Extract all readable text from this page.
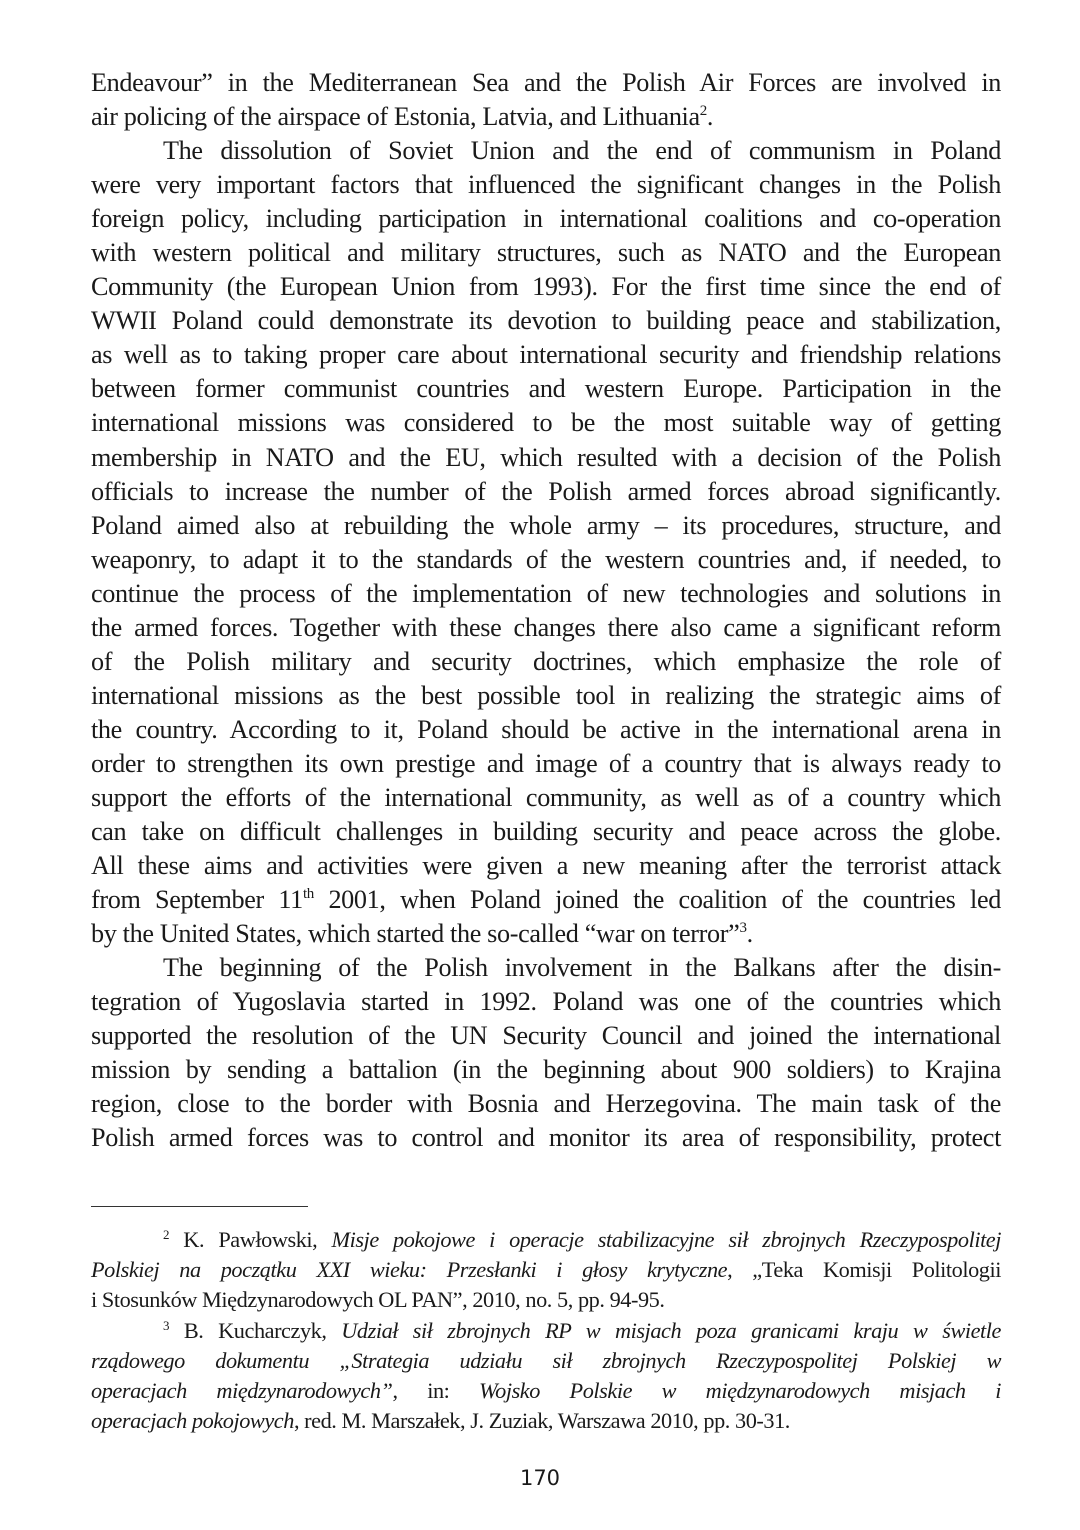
Endeavour” in the Mediterranean Sea and the Polish Air Forces are involved in
air policing of the airspace of Estonia, Latvia, and Lithuania$^2$.
The dissolution of Soviet Union and the end of communism in Poland
were very important factors that influenced the significant changes in the Polish
foreign policy, including participation in international coalitions and co-operation
with western political and military structures, such as NATO and the European
Community (the European Union from 1993). For the first time since the end of
WWII Poland could demonstrate its devotion to building peace and stabilization,
as well as to taking proper care about international security and friendship relations
between former communist countries and western Europe. Participation in the
international missions was considered to be the most suitable way of getting
membership in NATO and the EU, which resulted with a decision of the Polish
officials to increase the number of the Polish armed forces abroad significantly.
Poland aimed also at rebuilding the whole army – its procedures, structure, and
weaponry, to adapt it to the standards of the western countries and, if needed, to
continue the process of the implementation of new technologies and solutions in
the armed forces. Together with these changes there also came a significant reform
of the Polish military and security doctrines, which emphasize the role of
international missions as the best possible tool in realizing the strategic aims of
the country. According to it, Poland should be active in the international arena in
order to strengthen its own prestige and image of a country that is always ready to
support the efforts of the international community, as well as of a country which
can take on difficult challenges in building security and peace across the globe.
All these aims and activities were given a new meaning after the terrorist attack
from September 11th 2001, when Poland joined the coalition of the countries led
by the United States, which started the so-called “war on terror”$^3$.
The beginning of the Polish involvement in the Balkans after the disin-
tegration of Yugoslavia started in 1992. Poland was one of the countries which
supported the resolution of the UN Security Council and joined the international
mission by sending a battalion (in the beginning about 900 soldiers) to Krajina
region, close to the border with Bosnia and Herzegovina. The main task of the
Polish armed forces was to control and monitor its area of responsibility, protect
$^2$ K. Pawłowski, Misje pokojowe i operacje stabilizacyjne sił zbrojnych Rzeczypospolitej
Polskiej na początku XXI wieku: Przesłanki i głosy krytyczne, „Teka Komisji Politologii
i Stosunków Międzynarodowych OL PAN”, 2010, no. 5, pp. 94-95.
$^3$ B. Kucharczyk, Udział sił zbrojnych RP w misjach poza granicami kraju w świetle
rządowego dokumentu „Strategia udziału sił zbrojnych Rzeczypospolitej Polskiej w
operacjach międzynarodowych”, in: Wojsko Polskie w międzynarodowych misjach i
operacjach pokojowych, red. M. Marszałek, J. Zuziak, Warszawa 2010, pp. 30-31.
170
